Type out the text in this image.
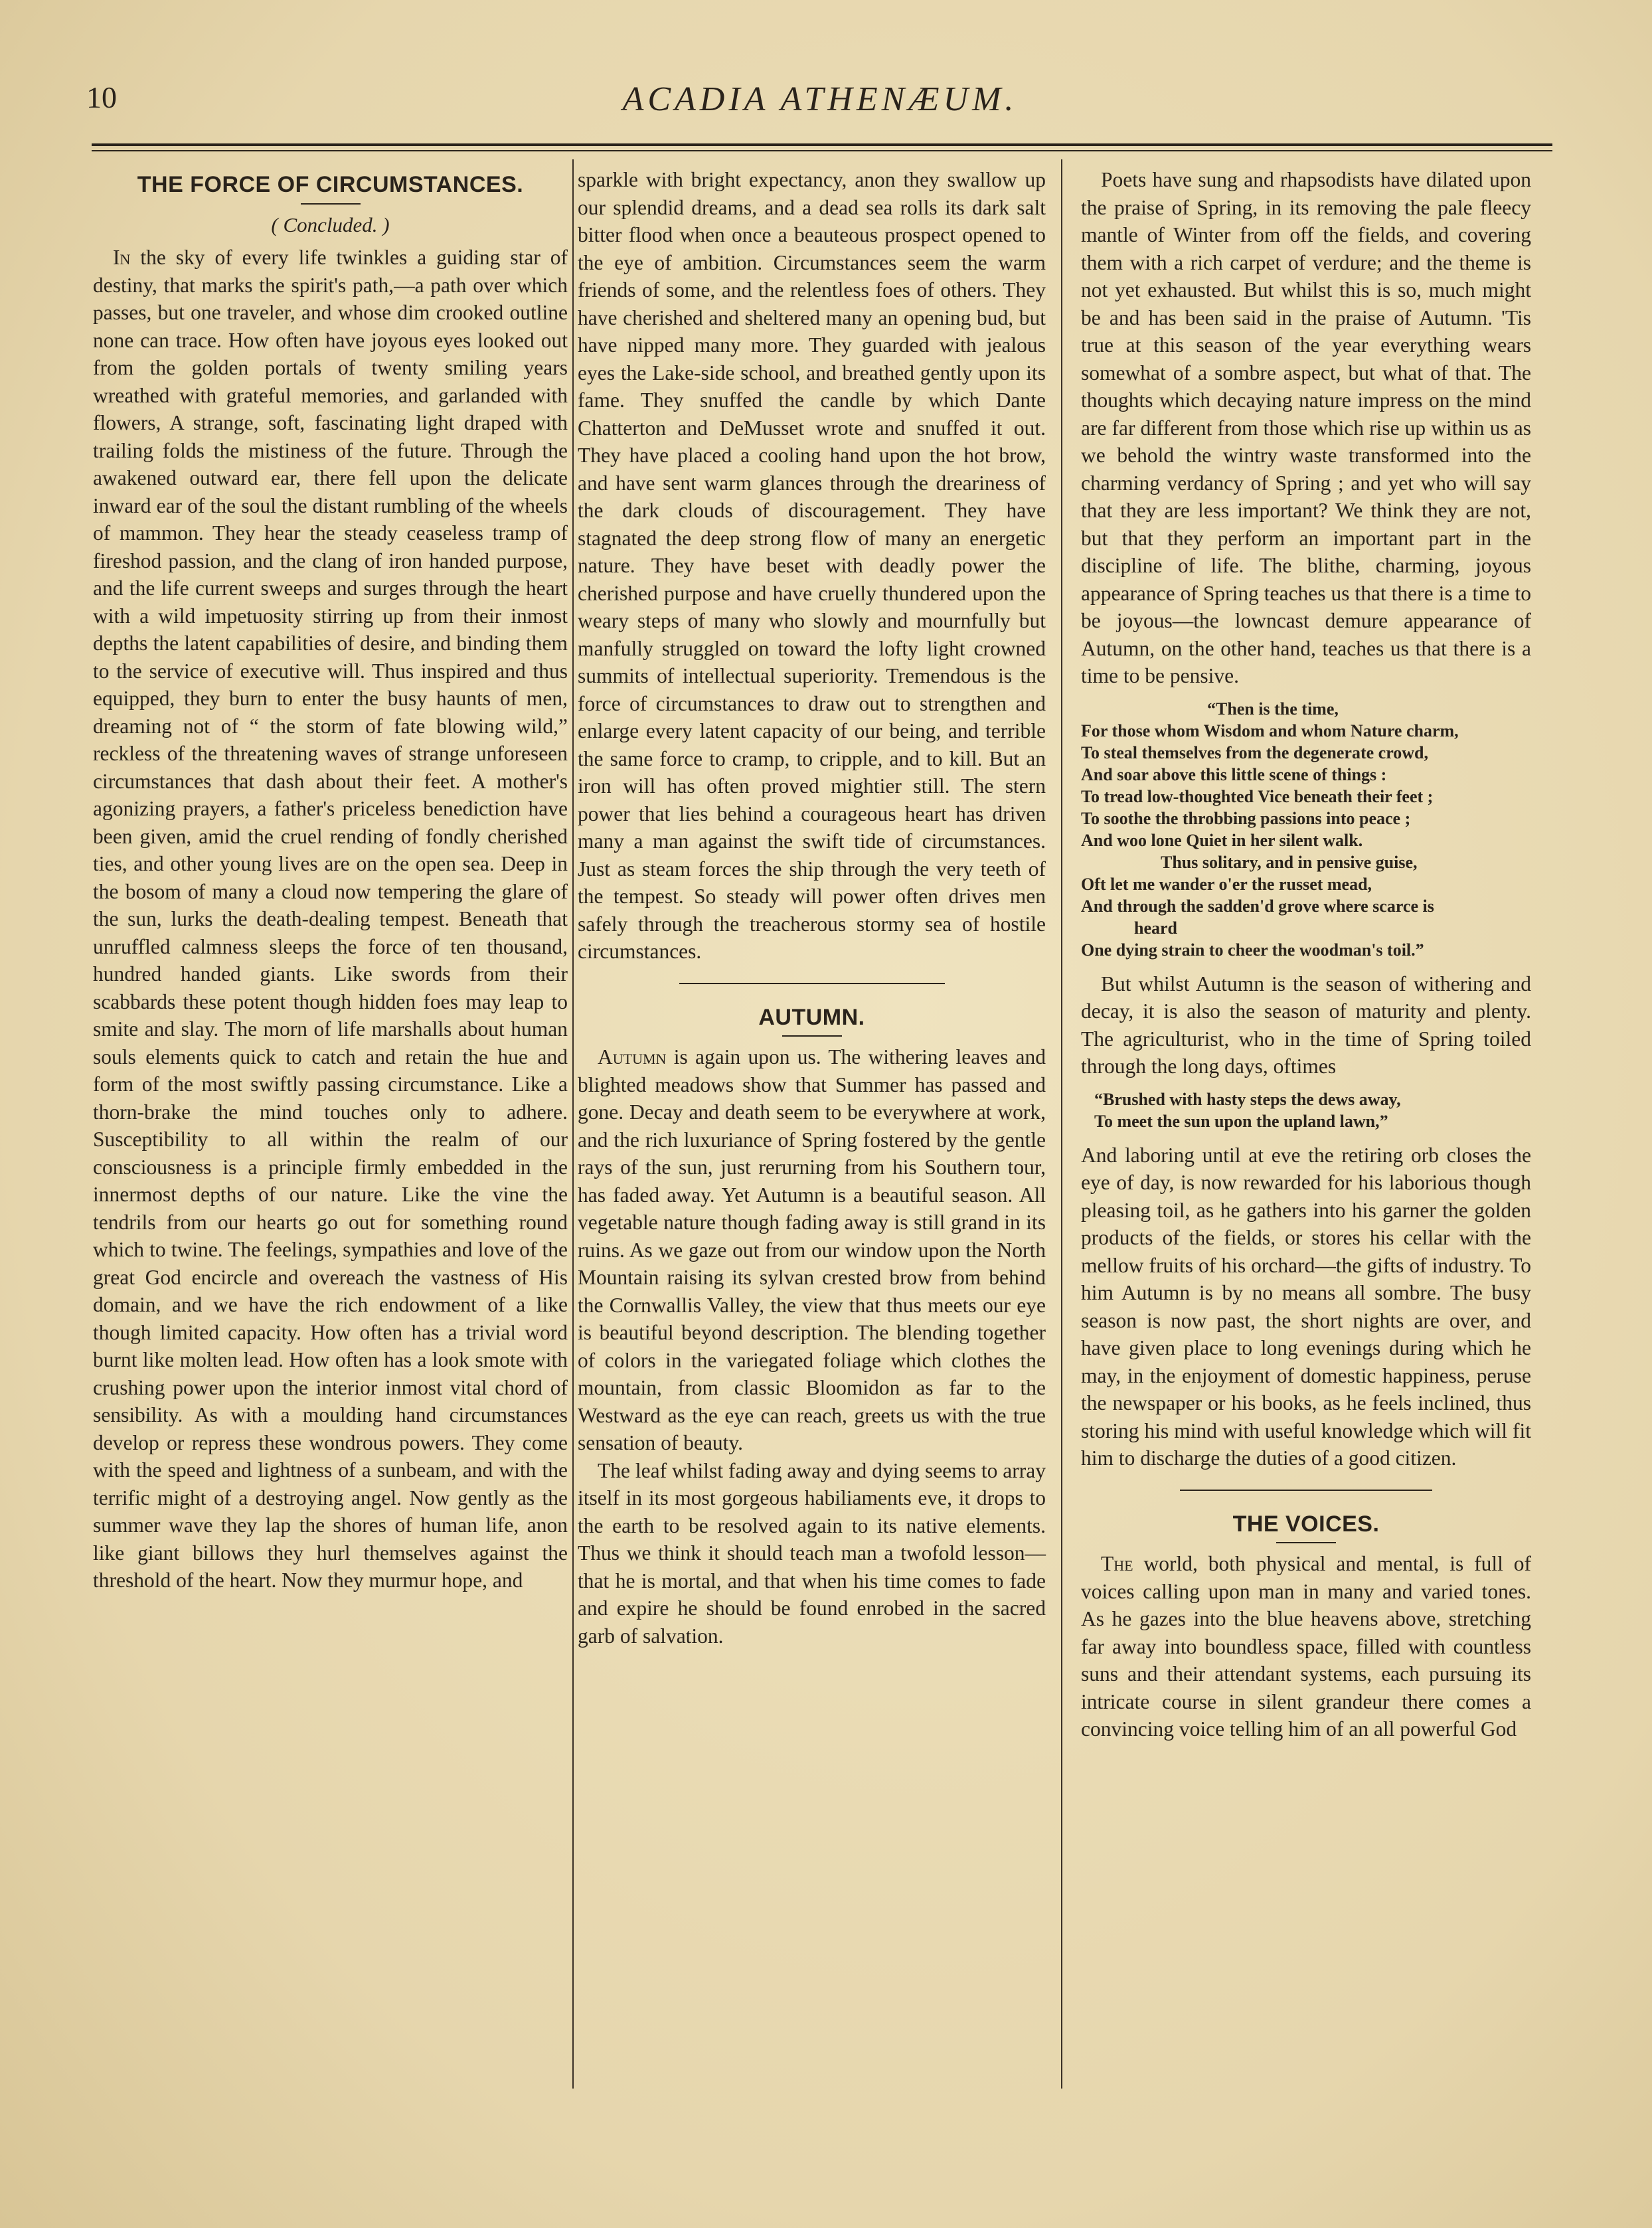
10	ACADIA ATHENÆUM.
THE FORCE OF CIRCUMSTANCES.
( Concluded. )

In the sky of every life twinkles a guiding star of destiny, that marks the spirit's path,—a path over which passes, but one traveler, and whose dim crooked outline none can trace. How often have joyous eyes looked out from the golden portals of twenty smiling years wreathed with grateful memories, and garlanded with flowers, A strange, soft, fascinating light draped with trailing folds the mistiness of the future. Through the awakened outward ear, there fell upon the delicate inward ear of the soul the distant rumbling of the wheels of mammon. They hear the steady ceaseless tramp of fireshod passion, and the clang of iron handed purpose, and the life current sweeps and surges through the heart with a wild impetuosity stirring up from their inmost depths the latent capabilities of desire, and binding them to the service of executive will. Thus inspired and thus equipped, they burn to enter the busy haunts of men, dreaming not of “ the storm of fate blowing wild,” reckless of the threatening waves of strange unforeseen circumstances that dash about their feet. A mother's agonizing prayers, a father's priceless benediction have been given, amid the cruel rending of fondly cherished ties, and other young lives are on the open sea. Deep in the bosom of many a cloud now tempering the glare of the sun, lurks the death-dealing tempest. Beneath that unruffled calmness sleeps the force of ten thousand, hundred handed giants. Like swords from their scabbards these potent though hidden foes may leap to smite and slay. The morn of life marshalls about human souls elements quick to catch and retain the hue and form of the most swiftly passing circumstance. Like a thorn-brake the mind touches only to adhere. Susceptibility to all within the realm of our consciousness is a principle firmly embedded in the innermost depths of our nature. Like the vine the tendrils from our hearts go out for something round which to twine. The feelings, sympathies and love of the great God encircle and overeach the vastness of His domain, and we have the rich endowment of a like though limited capacity. How often has a trivial word burnt like molten lead. How often has a look smote with crushing power upon the interior inmost vital chord of sensibility. As with a moulding hand circumstances develop or repress these wondrous powers. They come with the speed and lightness of a sunbeam, and with the terrific might of a destroying angel. Now gently as the summer wave they lap the shores of human life, anon like giant billows they hurl themselves against the threshold of the heart. Now they murmur hope, and

sparkle with bright expectancy, anon they swallow up our splendid dreams, and a dead sea rolls its dark salt bitter flood when once a beauteous prospect opened to the eye of ambition. Circumstances seem the warm friends of some, and the relentless foes of others. They have cherished and sheltered many an opening bud, but have nipped many more. They guarded with jealous eyes the Lake-side school, and breathed gently upon its fame. They snuffed the candle by which Dante Chatterton and DeMusset wrote and snuffed it out. They have placed a cooling hand upon the hot brow, and have sent warm glances through the dreariness of the dark clouds of discouragement. They have stagnated the deep strong flow of many an energetic nature. They have beset with deadly power the cherished purpose and have cruelly thundered upon the weary steps of many who slowly and mournfully but manfully struggled on toward the lofty light crowned summits of intellectual superiority. Tremendous is the force of circumstances to draw out to strengthen and enlarge every latent capacity of our being, and terrible the same force to cramp, to cripple, and to kill. But an iron will has often proved mightier still. The stern power that lies behind a courageous heart has driven many a man against the swift tide of circumstances. Just as steam forces the ship through the very teeth of the tempest. So steady will power often drives men safely through the treacherous stormy sea of hostile circumstances.

AUTUMN.

Autumn is again upon us. The withering leaves and blighted meadows show that Summer has passed and gone. Decay and death seem to be everywhere at work, and the rich luxuriance of Spring fostered by the gentle rays of the sun, just rerurning from his Southern tour, has faded away. Yet Autumn is a beautiful season. All vegetable nature though fading away is still grand in its ruins. As we gaze out from our window upon the North Mountain raising its sylvan crested brow from behind the Cornwallis Valley, the view that thus meets our eye is beautiful beyond description. The blending together of colors in the variegated foliage which clothes the mountain, from classic Bloomidon as far to the Westward as the eye can reach, greets us with the true sensation of beauty.

The leaf whilst fading away and dying seems to array itself in its most gorgeous habiliaments eve, it drops to the earth to be resolved again to its native elements. Thus we think it should teach man a twofold lesson—that he is mortal, and that when his time comes to fade and expire he should be found enrobed in the sacred garb of salvation.

Poets have sung and rhapsodists have dilated upon the praise of Spring, in its removing the pale fleecy mantle of Winter from off the fields, and covering them with a rich carpet of verdure; and the theme is not yet exhausted. But whilst this is so, much might be and has been said in the praise of Autumn. 'Tis true at this season of the year everything wears somewhat of a sombre aspect, but what of that. The thoughts which decaying nature impress on the mind are far different from those which rise up within us as we behold the wintry waste transformed into the charming verdancy of Spring ; and yet who will say that they are less important? We think they are not, but that they perform an important part in the discipline of life. The blithe, charming, joyous appearance of Spring teaches us that there is a time to be joyous—the lowncast demure appearance of Autumn, on the other hand, teaches us that there is a time to be pensive.

“Then is the time,
For those whom Wisdom and whom Nature charm,
To steal themselves from the degenerate crowd,
And soar above this little scene of things :
To tread low-thoughted Vice beneath their feet ;
To soothe the throbbing passions into peace ;
And woo lone Quiet in her silent walk.
Thus solitary, and in pensive guise,
Oft let me wander o'er the russet mead,
And through the sadden'd grove where scarce is
heard
One dying strain to cheer the woodman's toil.”

But whilst Autumn is the season of withering and decay, it is also the season of maturity and plenty. The agriculturist, who in the time of Spring toiled through the long days, oftimes

“Brushed with hasty steps the dews away,
To meet the sun upon the upland lawn,”

And laboring until at eve the retiring orb closes the eye of day, is now rewarded for his laborious though pleasing toil, as he gathers into his garner the golden products of the fields, or stores his cellar with the mellow fruits of his orchard—the gifts of industry. To him Autumn is by no means all sombre. The busy season is now past, the short nights are over, and have given place to long evenings during which he may, in the enjoyment of domestic happiness, peruse the newspaper or his books, as he feels inclined, thus storing his mind with useful knowledge which will fit him to discharge the duties of a good citizen.

THE VOICES.

The world, both physical and mental, is full of voices calling upon man in many and varied tones. As he gazes into the blue heavens above, stretching far away into boundless space, filled with countless suns and their attendant systems, each pursuing its intricate course in silent grandeur there comes a convincing voice telling him of an all powerful God
